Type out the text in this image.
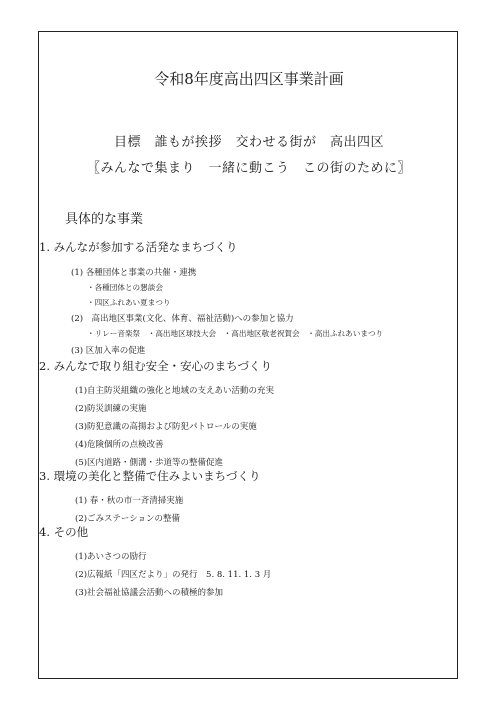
令和8年度高出四区事業計画
目標　誰もが挨拶　交わせる街が　高出四区
〖みんなで集まり　一緒に動こう　この街のために〗
具体的な事業
1. みんなが参加する活発なまちづくり
(1) 各種団体と事業の共催・連携
・各種団体との懇談会
・四区ふれあい夏まつり
(2)　高出地区事業(文化、体育、福祉活動)への参加と協力
・リレー音楽祭　・高出地区球技大会　・高出地区敬老祝賀会　・高出ふれあいまつり
(3) 区加入率の促進
2. みんなで取り組む安全・安心のまちづくり
(1)自主防災組織の強化と地域の支えあい活動の充実
(2)防災訓練の実施
(3)防犯意識の高揚および防犯パトロールの実施
(4)危険個所の点検改善
(5)区内道路・側溝・歩道等の整備促進
3. 環境の美化と整備で住みよいまちづくり
(1) 春・秋の市一斉清掃実施
(2)ごみステーションの整備
4. その他
(1)あいさつの励行
(2)広報紙「四区だより」の発行　5. 8. 11. 1. 3 月
(3)社会福祉協議会活動への積極的参加
